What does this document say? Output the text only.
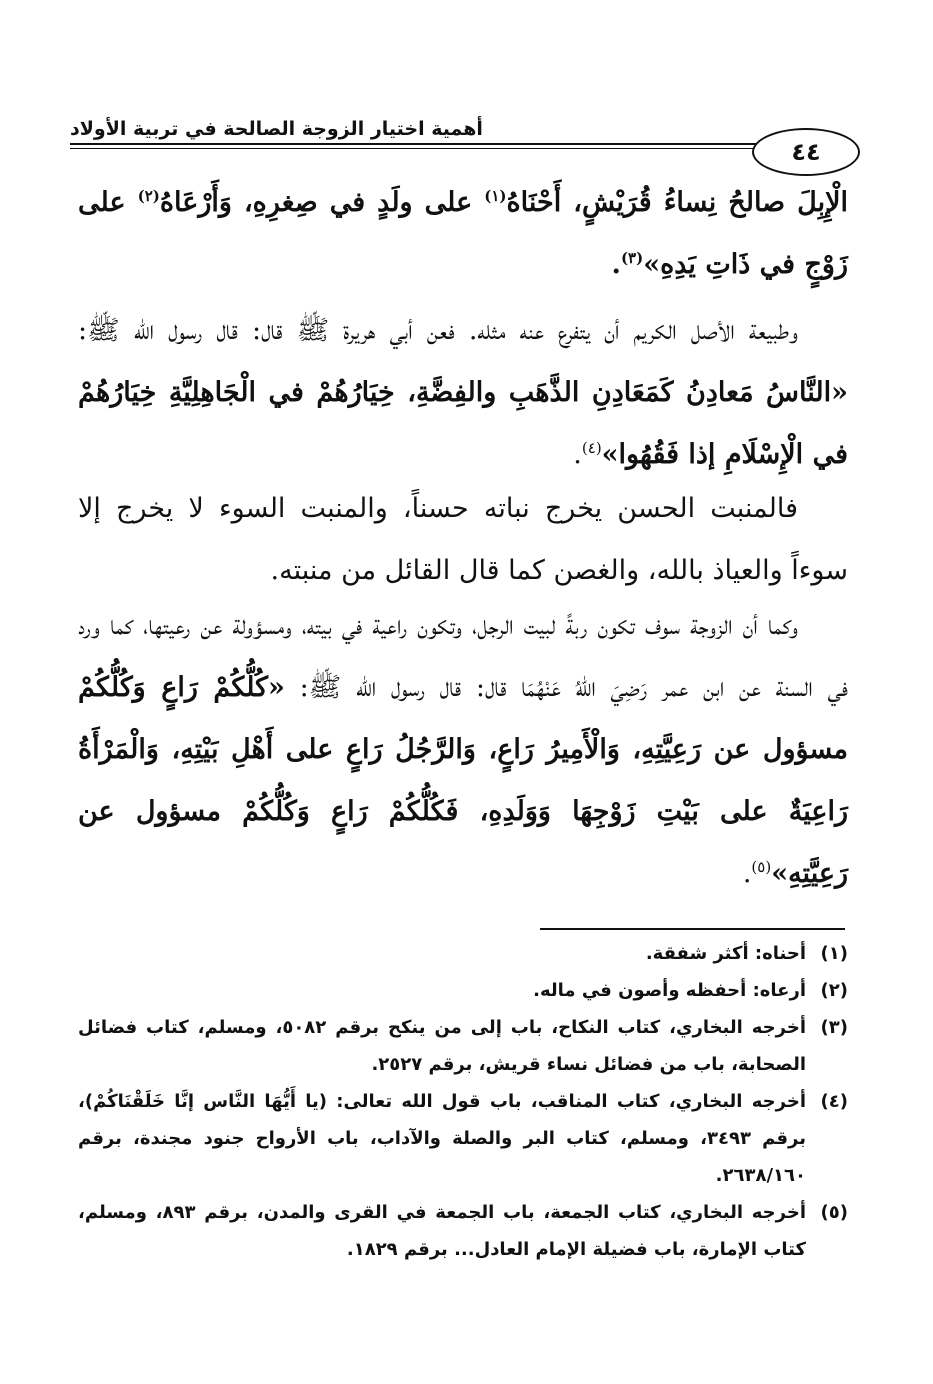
أهمية اختيار الزوجة الصالحة في تربية الأولاد
٤٤
الْإِبِلَ صالحُ نِساءُ قُرَيْشٍ، أَحْنَاهُ$^{(١)}$ على ولَدٍ في صِغرِهِ، وَأَرْعَاهُ$^{(٢)}$ على زَوْجٍ في ذَاتِ يَدِهِ»$^{(٣)}$.
وطبيعة الأصل الكريم أن يتفرع عنه مثله. فعن أبي هريرة ﷺ قال: قال رسول الله ﷺ: «النَّاسُ مَعادِنُ كَمَعَادِنِ الذَّهَبِ والفِضَّةِ، خِيَارُهُمْ في الْجَاهِلِيَّةِ خِيَارُهُمْ في الْإِسْلَامِ إذا فَقُهُوا»$^{(٤)}$.
فالمنبت الحسن يخرج نباته حسناً، والمنبت السوء لا يخرج إلا سوءاً والعياذ بالله، والغصن كما قال القائل من منبته.
وكما أن الزوجة سوف تكون ربةً لبيت الرجل، وتكون راعية في بيته، ومسؤولة عن رعيتها، كما ورد في السنة عن ابن عمر رَضِيَ اللهُ عَنْهُمَا قال: قال رسول الله ﷺ: «كُلُّكُمْ رَاعٍ وَكُلُّكُمْ مسؤول عن رَعِيَّتِهِ، وَالْأَمِيرُ رَاعٍ، وَالرَّجُلُ رَاعٍ على أَهْلِ بَيْتِهِ، وَالْمَرْأَةُ رَاعِيَةٌ على بَيْتِ زَوْجِهَا وَوَلَدِهِ، فَكُلُّكُمْ رَاعٍ وَكُلُّكُمْ مسؤول عن رَعِيَّتِهِ»$^{(٥)}$.
(١)
أحناه: أكثر شفقة.
(٢)
أرعاه: أحفظه وأصون في ماله.
(٣)
أخرجه البخاري، كتاب النكاح، باب إلى من ينكح برقم ٥٠٨٢، ومسلم، كتاب فضائل الصحابة، باب من فضائل نساء قريش، برقم ٢٥٢٧.
(٤)
أخرجه البخاري، كتاب المناقب، باب قول الله تعالى: (يا أَيُّهَا النَّاس إنَّا خَلَقْنَاكُمْ)، برقم ٣٤٩٣، ومسلم، كتاب البر والصلة والآداب، باب الأرواح جنود مجندة، برقم ٢٦٣٨/١٦٠.
(٥)
أخرجه البخاري، كتاب الجمعة، باب الجمعة في القرى والمدن، برقم ٨٩٣، ومسلم، كتاب الإمارة، باب فضيلة الإمام العادل... برقم ١٨٢٩.
